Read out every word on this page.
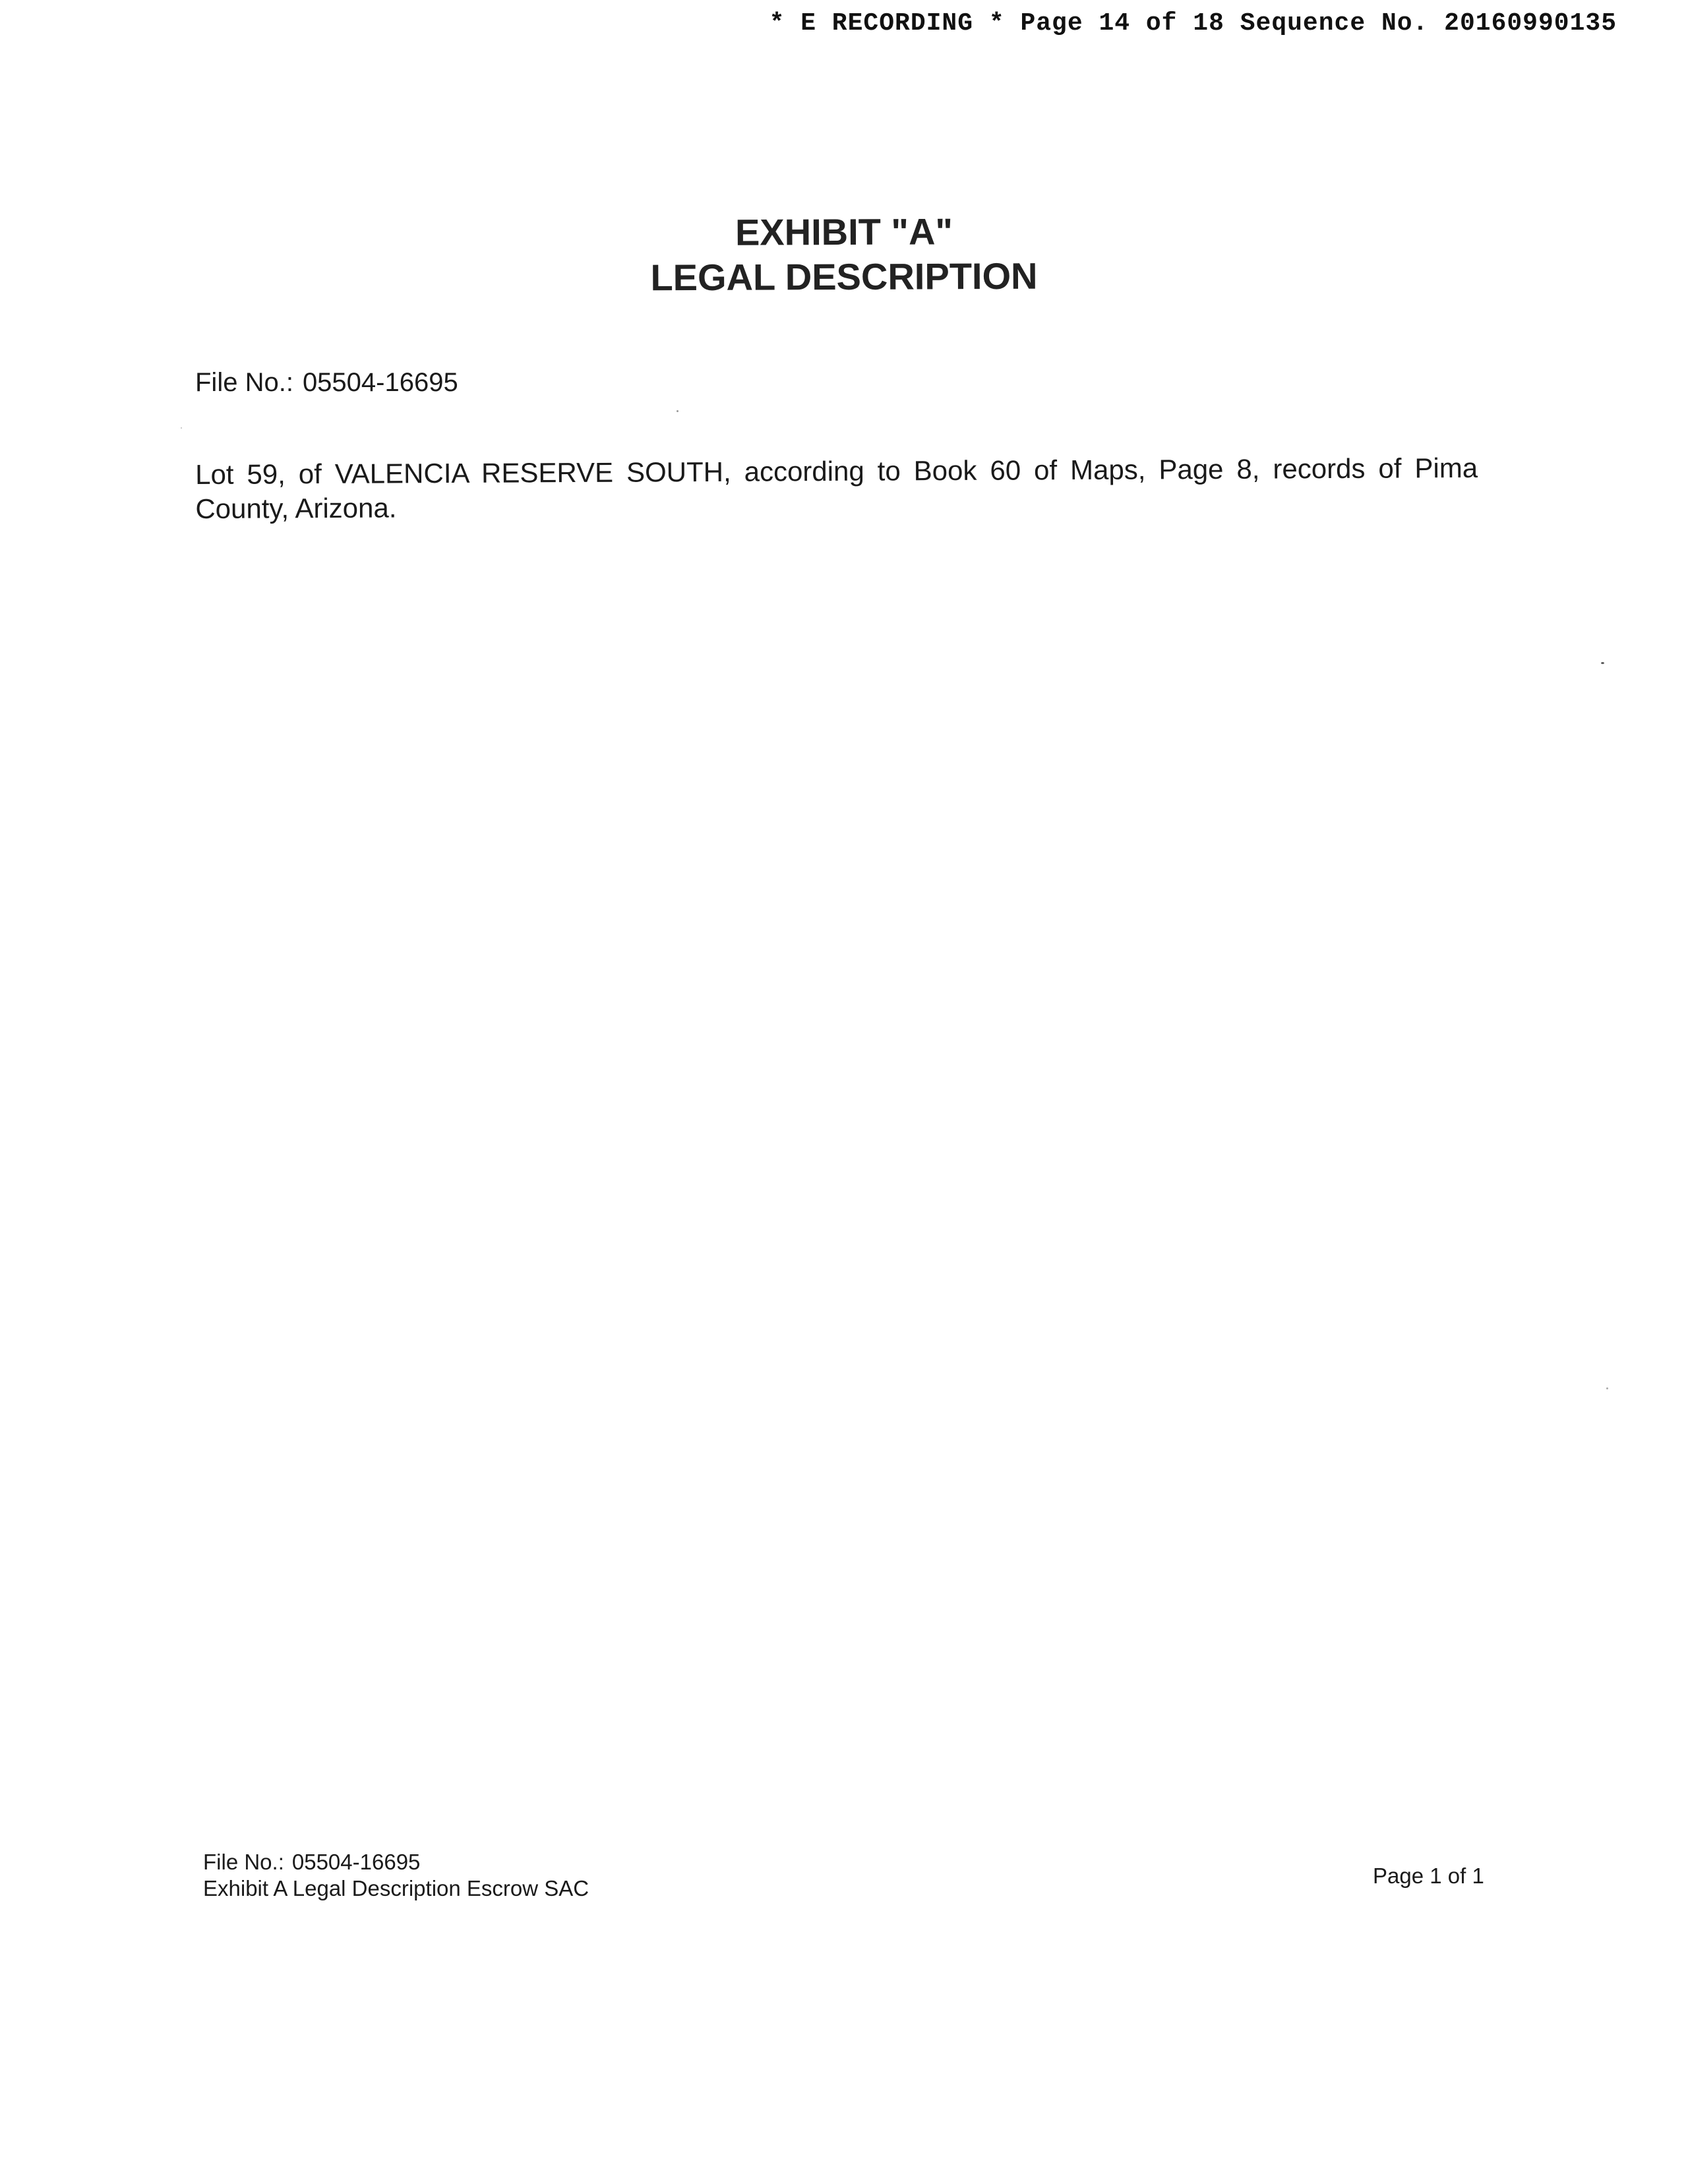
* E RECORDING * Page 14 of 18 Sequence No. 20160990135
EXHIBIT "A"
LEGAL DESCRIPTION
File No.: 05504-16695
Lot 59, of VALENCIA RESERVE SOUTH, according to Book 60 of Maps, Page 8, records of Pima County, Arizona.
File No.: 05504-16695
Exhibit A Legal Description Escrow SAC
Page 1 of 1
